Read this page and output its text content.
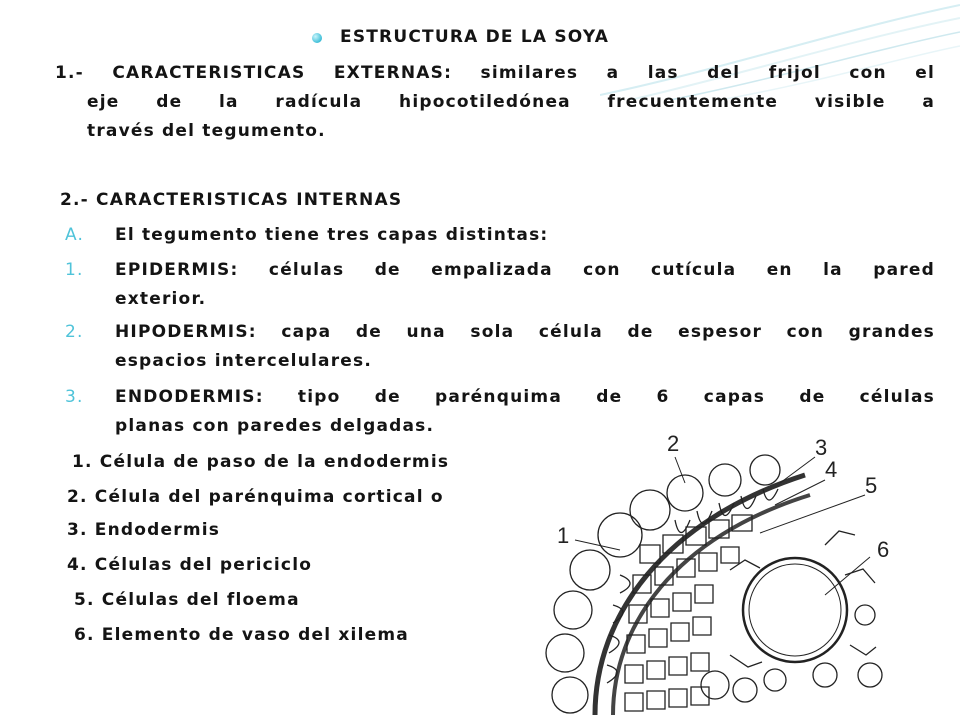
ESTRUCTURA DE LA SOYA
1.- CARACTERISTICAS EXTERNAS: similares a las del frijol con el
eje de la radícula hipocotiledónea frecuentemente visible a
través del tegumento.
2.- CARACTERISTICAS INTERNAS
A. El tegumento tiene tres capas distintas:
1. EPIDERMIS: células de empalizada con cutícula en la pared
exterior.
2. HIPODERMIS: capa de una sola célula de espesor con grandes
espacios intercelulares.
3. ENDODERMIS: tipo de parénquima de 6 capas de células
planas con paredes delgadas.
1. Célula de paso de la endodermis
2. Célula del parénquima cortical o
3. Endodermis
4. Células del periciclo
5. Células del floema
6. Elemento de vaso del xilema
2	3
4
5
1
6
